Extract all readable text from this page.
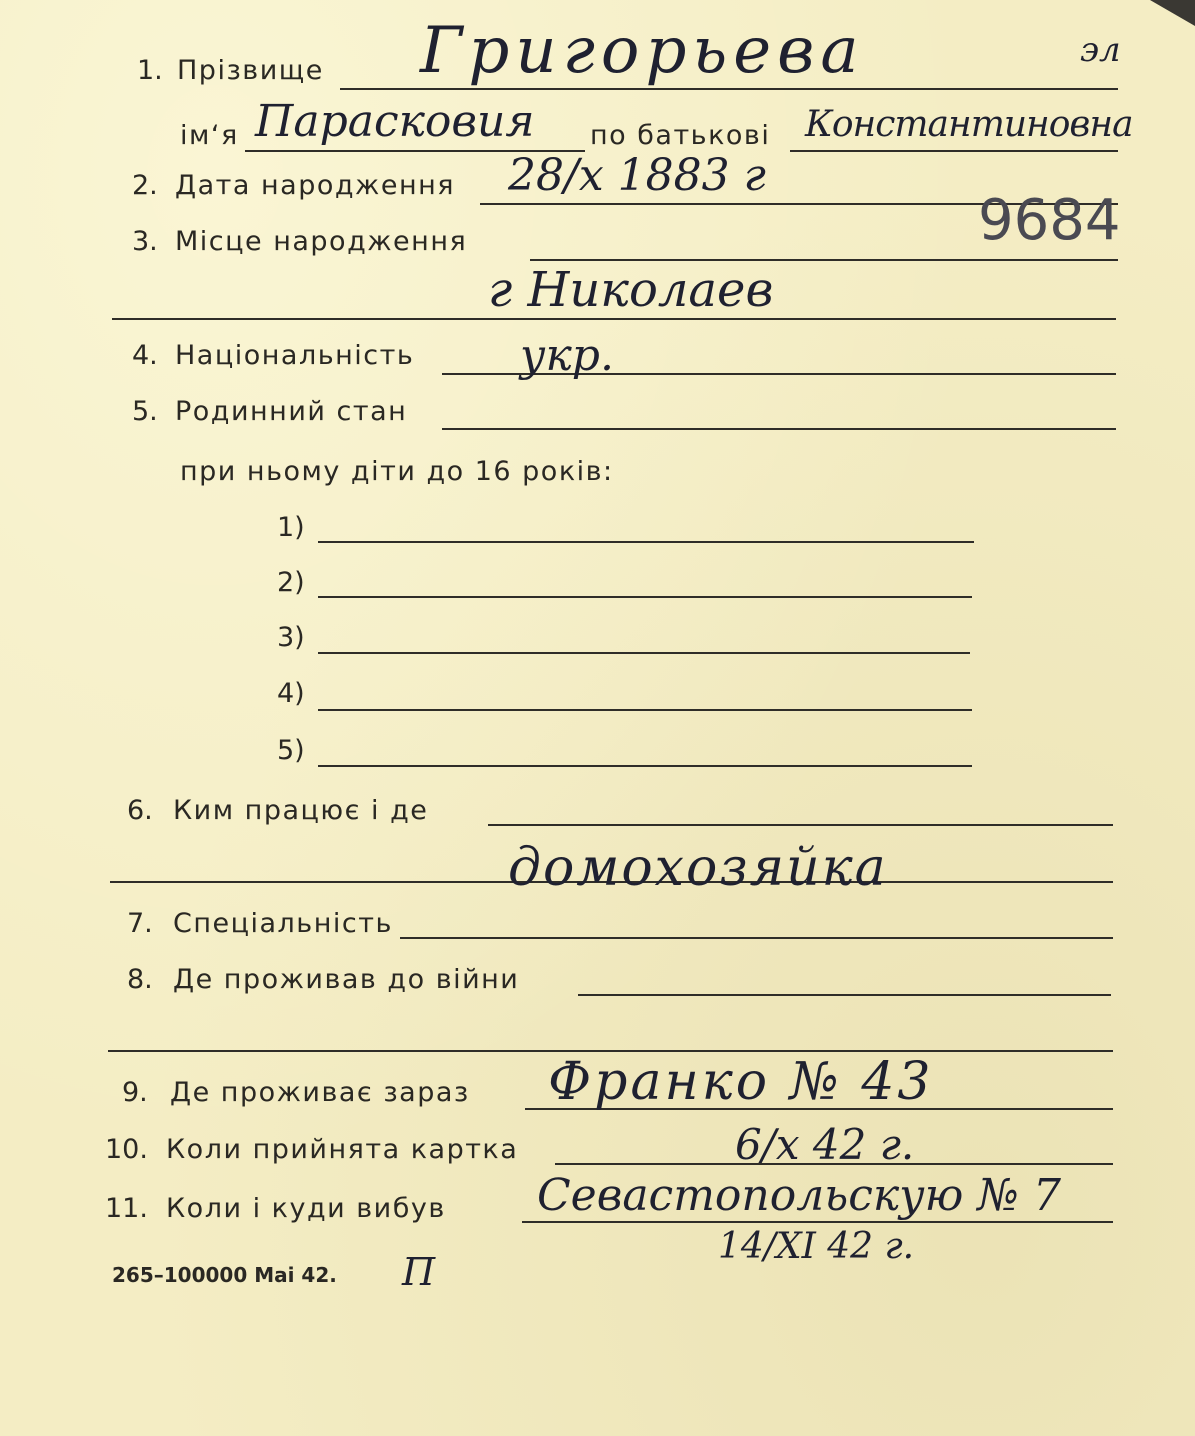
1. Прізвище Григорьева	эл
ім‘я Парасковия по батькові Константиновна
2. Дата народження 28/х 1883 г
3. Місце народження	9684
г Николаев
4. Національність укр.
5. Родинний стан
при ньому діти до 16 років:
1)
2)
3)
4)
5)
6. Ким працює і де
домохозяйка
7. Спеціальність
8. Де проживав до війни
9. Де проживає зараз Франко № 43
10. Коли прийнята картка	6/х 42 г.
11. Коли і куди вибув Севастопольскую № 7
14/XI 42 г.
265–100000 Mai 42. П
